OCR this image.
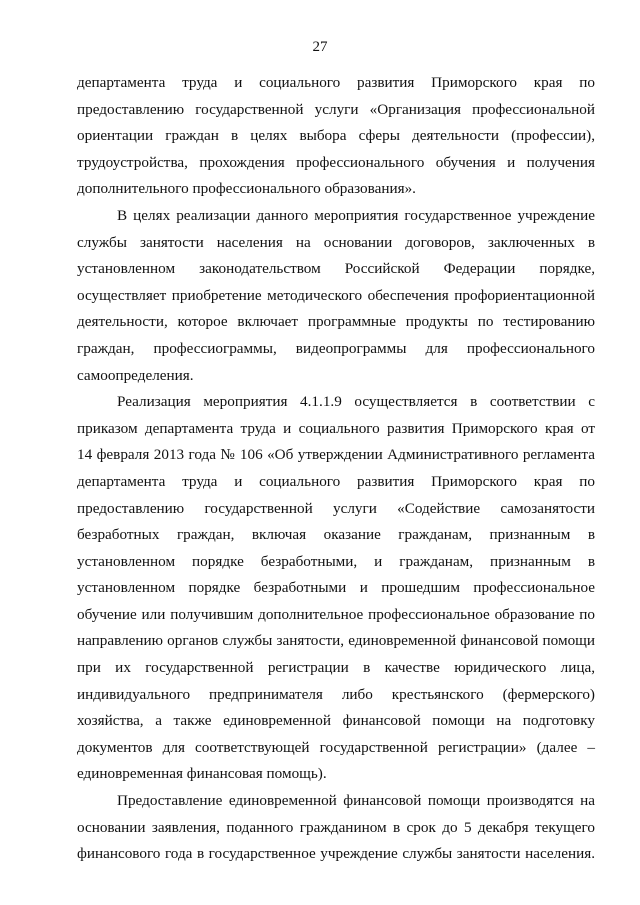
27

департамента труда и социального развития Приморского края по
предоставлению государственной услуги «Организация профессиональной
ориентации граждан в целях выбора сферы деятельности (профессии),
трудоустройства, прохождения профессионального обучения и получения
дополнительного профессионального образования».

В целях реализации данного мероприятия государственное учреждение
службы занятости населения на основании договоров, заключенных в
установленном законодательством Российской Федерации порядке,
осуществляет приобретение методического обеспечения профориентационной
деятельности, которое включает программные продукты по тестированию
граждан, профессиограммы, видеопрограммы для профессионального
самоопределения.

Реализация мероприятия 4.1.1.9 осуществляется в соответствии с
приказом департамента труда и социального развития Приморского края от
14 февраля 2013 года № 106 «Об утверждении Административного регламента
департамента труда и социального развития Приморского края по
предоставлению государственной услуги «Содействие самозанятости
безработных граждан, включая оказание гражданам, признанным в
установленном порядке безработными, и гражданам, признанным в
установленном порядке безработными и прошедшим профессиональное
обучение или получившим дополнительное профессиональное образование по
направлению органов службы занятости, единовременной финансовой помощи
при их государственной регистрации в качестве юридического лица,
индивидуального предпринимателя либо крестьянского (фермерского)
хозяйства, а также единовременной финансовой помощи на подготовку
документов для соответствующей государственной регистрации» (далее –
единовременная финансовая помощь).

Предоставление единовременной финансовой помощи производятся на
основании заявления, поданного гражданином в срок до 5 декабря текущего
финансового года в государственное учреждение службы занятости населения.
